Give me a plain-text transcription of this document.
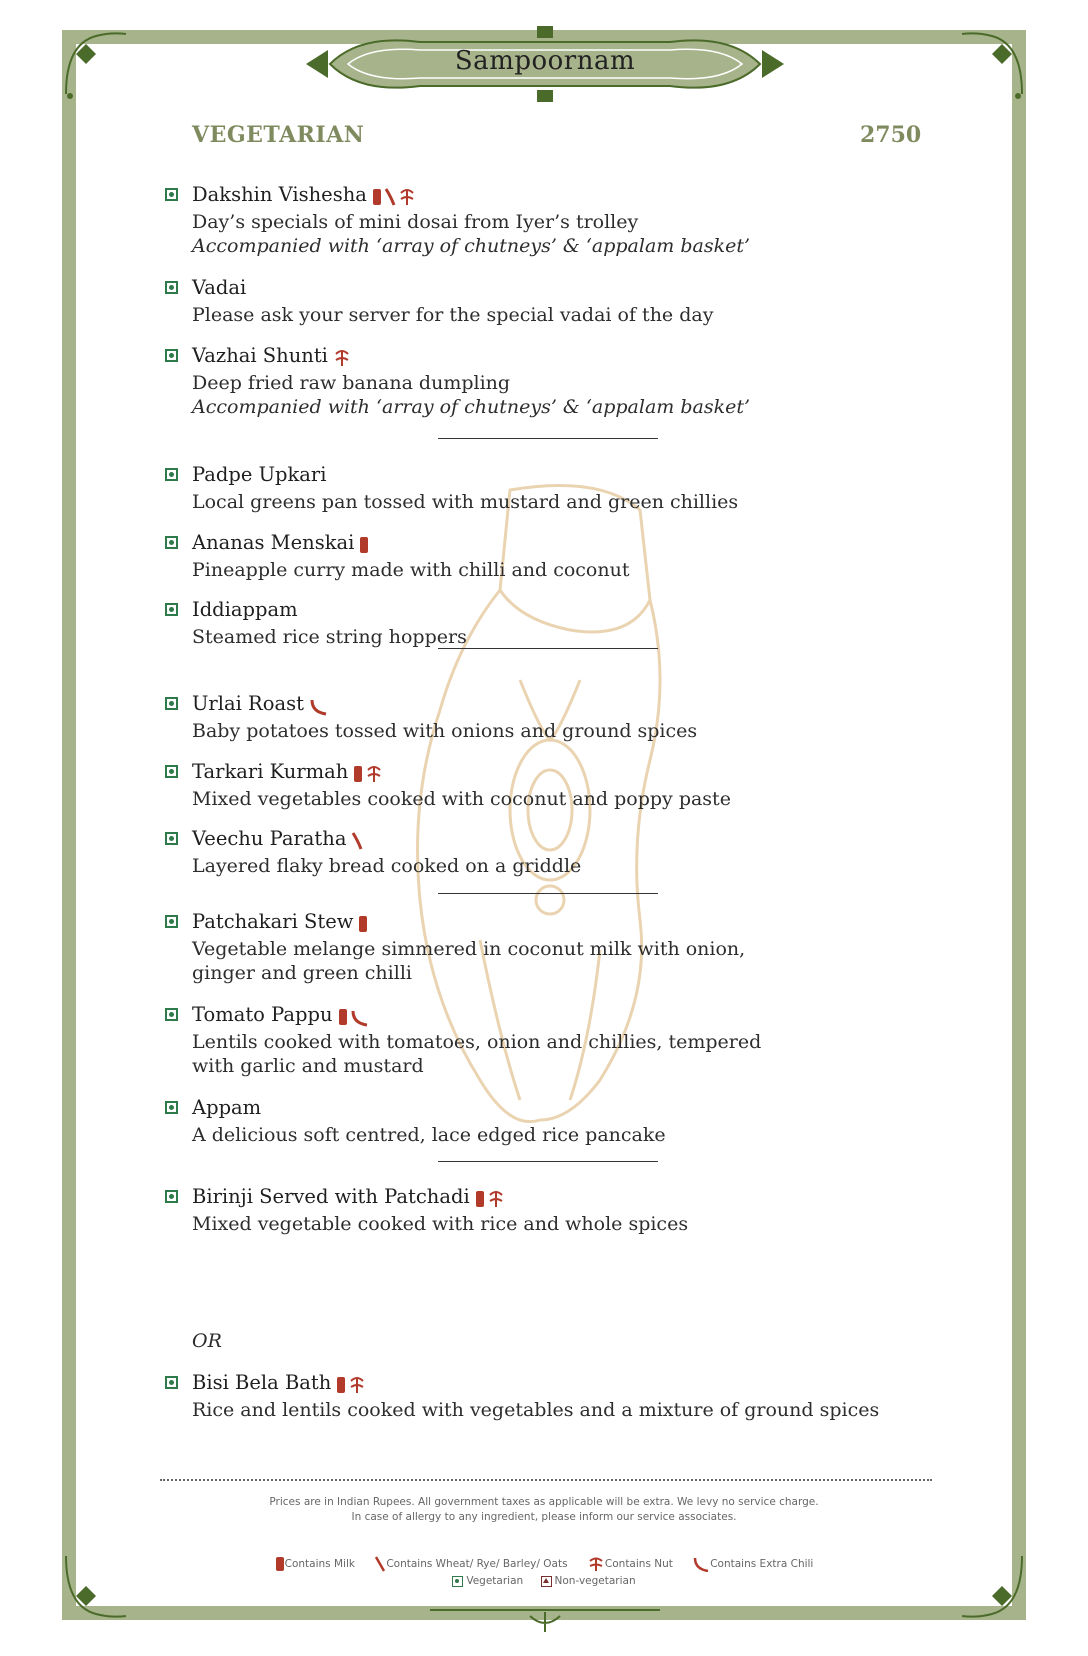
Sampoornam
VEGETARIAN	2750
Dakshin Vishesha
Day’s specials of mini dosai from Iyer’s trolley
Accompanied with ‘array of chutneys’ & ‘appalam basket’
Vadai
Please ask your server for the special vadai of the day
Vazhai Shunti
Deep fried raw banana dumpling
Accompanied with ‘array of chutneys’ & ‘appalam basket’
Padpe Upkari
Local greens pan tossed with mustard and green chillies
Ananas Menskai
Pineapple curry made with chilli and coconut
Iddiappam
Steamed rice string hoppers
Urlai Roast
Baby potatoes tossed with onions and ground spices
Tarkari Kurmah
Mixed vegetables cooked with coconut and poppy paste
Veechu Paratha
Layered flaky bread cooked on a griddle
Patchakari Stew
Vegetable melange simmered in coconut milk with onion,
ginger and green chilli
Tomato Pappu
Lentils cooked with tomatoes, onion and chillies, tempered
with garlic and mustard
Appam
A delicious soft centred, lace edged rice pancake
Birinji Served with Patchadi
Mixed vegetable cooked with rice and whole spices
OR
Bisi Bela Bath
Rice and lentils cooked with vegetables and a mixture of ground spices
Prices are in Indian Rupees. All government taxes as applicable will be extra. We levy no service charge.
In case of allergy to any ingredient, please inform our service associates.
Contains Milk	Contains Wheat/ Rye/ Barley/ Oats	Contains Nut	Contains Extra Chili
Vegetarian	Non-vegetarian
